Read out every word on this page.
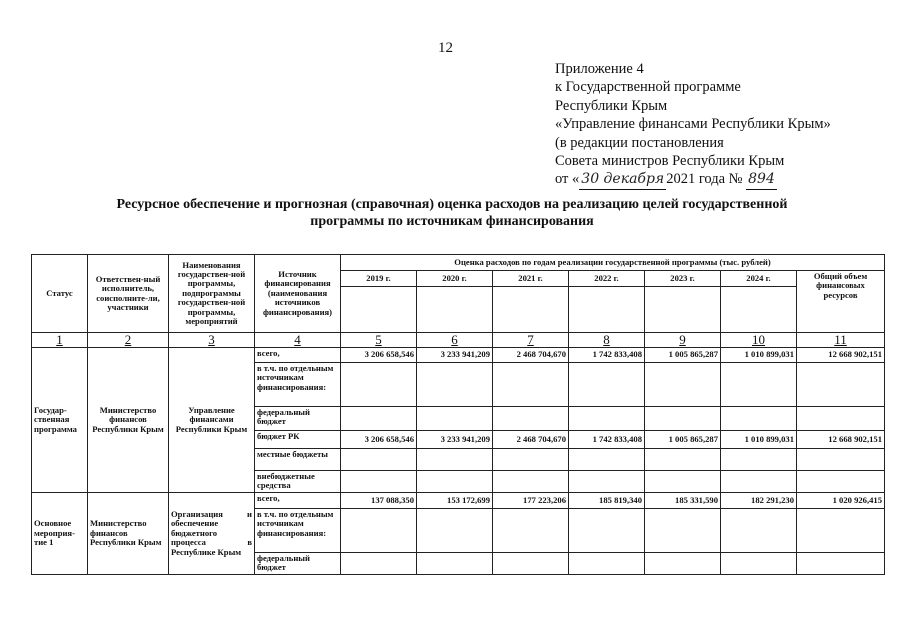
12
Приложение 4
к Государственной программе
Республики Крым
«Управление финансами Республики Крым»
(в редакции постановления
Совета министров Республики Крым
от « 30 декабря 2021 года № 894
Ресурсное обеспечение и прогнозная (справочная) оценка расходов на реализацию целей государственной
программы по источникам финансирования
Статус	Ответствен-ный исполнитель, соисполните-ли, участники	Наименования государствен-ной программы, подпрограммы государствен-ной программы, мероприятий	Источник финансирования (наименования источников финансирования)	Оценка расходов по годам реализации государственной программы (тыс. рублей)						
				2019 г.	2020 г.	2021 г.	2022 г.	2023 г.	2024 г.	Общий объем финансовых ресурсов

1	2	3	4	5	6	7	8	9	10	11
Государ-ственная программа	Министерство финансов Республики Крым	Управление финансами Республики Крым	всего,	3 206 658,546	3 233 941,209	2 468 704,670	1 742 833,408	1 005 865,287	1 010 899,031	12 668 902,151
			в т.ч. по отдельным источникам финансирования:							
			федеральный бюджет							
			бюджет РК	3 206 658,546	3 233 941,209	2 468 704,670	1 742 833,408	1 005 865,287	1 010 899,031	12 668 902,151
			местные бюджеты							
			внебюджетные средства							
Основное мероприя-тие 1	Министерство финансов Республики Крым	Организация и обеспечение бюджетного процесса в Республике Крым	всего,	137 088,350	153 172,699	177 223,206	185 819,340	185 331,590	182 291,230	1 020 926,415
			в т.ч. по отдельным источникам финансирования:							
			федеральный бюджет							
